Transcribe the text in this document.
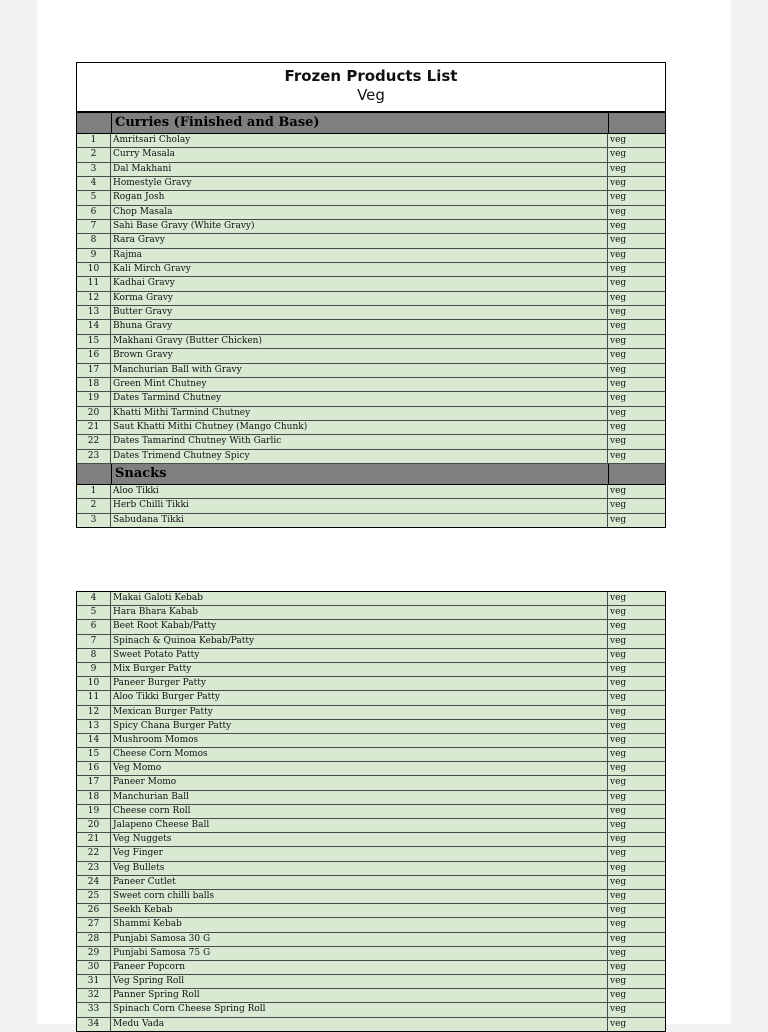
Frozen Products List
Veg
Curries (Finished and Base)
1	Amritsari Cholay	veg
2	Curry Masala	veg
3	Dal Makhani	veg
4	Homestyle Gravy	veg
5	Rogan Josh	veg
6	Chop Masala	veg
7	Sahi Base Gravy (White Gravy)	veg
8	Rara Gravy	veg
9	Rajma	veg
10	Kali Mirch Gravy	veg
11	Kadhai Gravy	veg
12	Korma Gravy	veg
13	Butter Gravy	veg
14	Bhuna Gravy	veg
15	Makhani Gravy (Butter Chicken)	veg
16	Brown Gravy	veg
17	Manchurian Ball with Gravy	veg
18	Green Mint Chutney	veg
19	Dates Tarmind Chutney	veg
20	Khatti Mithi Tarmind Chutney	veg
21	Saut Khatti Mithi Chutney (Mango Chunk)	veg
22	Dates Tamarind Chutney With Garlic	veg
23	Dates Trimend Chutney Spicy	veg
Snacks
1	Aloo Tikki	veg
2	Herb Chilli Tikki	veg
3	Sabudana Tikki	veg
4	Makai Galoti Kebab	veg
5	Hara Bhara Kabab	veg
6	Beet Root Kabab/Patty	veg
7	Spinach & Quinoa Kebab/Patty	veg
8	Sweet Potato Patty	veg
9	Mix Burger Patty	veg
10	Paneer Burger Patty	veg
11	Aloo Tikki Burger Patty	veg
12	Mexican Burger Patty	veg
13	Spicy Chana Burger Patty	veg
14	Mushroom Momos	veg
15	Cheese Corn Momos	veg
16	Veg Momo	veg
17	Paneer Momo	veg
18	Manchurian Ball	veg
19	Cheese corn Roll	veg
20	Jalapeno Cheese Ball	veg
21	Veg Nuggets	veg
22	Veg Finger	veg
23	Veg Bullets	veg
24	Paneer Cutlet	veg
25	Sweet corn chilli balls	veg
26	Seekh Kebab	veg
27	Shammi Kebab	veg
28	Punjabi Samosa 30 G	veg
29	Punjabi Samosa 75 G	veg
30	Paneer Popcorn	veg
31	Veg Spring Roll	veg
32	Panner Spring Roll	veg
33	Spinach Corn Cheese Spring Roll	veg
34	Medu Vada	veg
